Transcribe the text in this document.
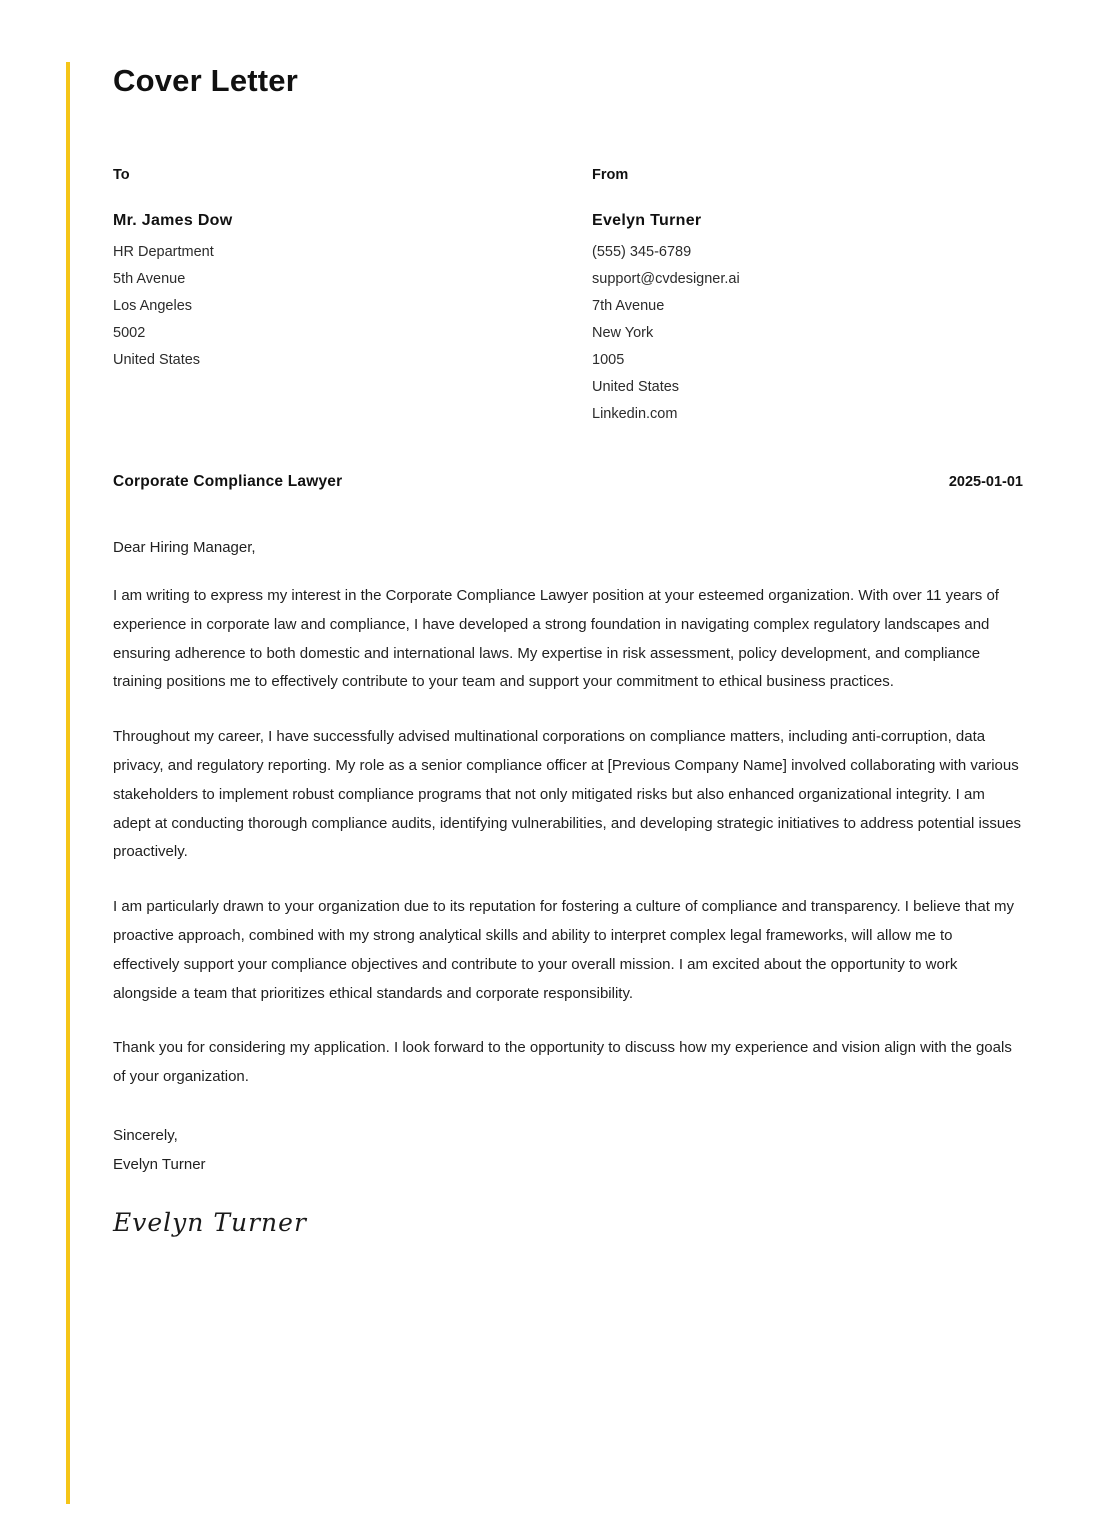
Cover Letter
To
Mr. James Dow
HR Department
5th Avenue
Los Angeles
5002
United States
From
Evelyn Turner
(555) 345-6789
support@cvdesigner.ai
7th Avenue
New York
1005
United States
Linkedin.com
Corporate Compliance Lawyer	2025-01-01
Dear Hiring Manager,

I am writing to express my interest in the Corporate Compliance Lawyer position at your esteemed organization. With over 11 years of experience in corporate law and compliance, I have developed a strong foundation in navigating complex regulatory landscapes and ensuring adherence to both domestic and international laws. My expertise in risk assessment, policy development, and compliance training positions me to effectively contribute to your team and support your commitment to ethical business practices.

Throughout my career, I have successfully advised multinational corporations on compliance matters, including anti-corruption, data privacy, and regulatory reporting. My role as a senior compliance officer at [Previous Company Name] involved collaborating with various stakeholders to implement robust compliance programs that not only mitigated risks but also enhanced organizational integrity. I am adept at conducting thorough compliance audits, identifying vulnerabilities, and developing strategic initiatives to address potential issues proactively.

I am particularly drawn to your organization due to its reputation for fostering a culture of compliance and transparency. I believe that my proactive approach, combined with my strong analytical skills and ability to interpret complex legal frameworks, will allow me to effectively support your compliance objectives and contribute to your overall mission. I am excited about the opportunity to work alongside a team that prioritizes ethical standards and corporate responsibility.

Thank you for considering my application. I look forward to the opportunity to discuss how my experience and vision align with the goals of your organization.

Sincerely,
Evelyn Turner
Evelyn Turner
